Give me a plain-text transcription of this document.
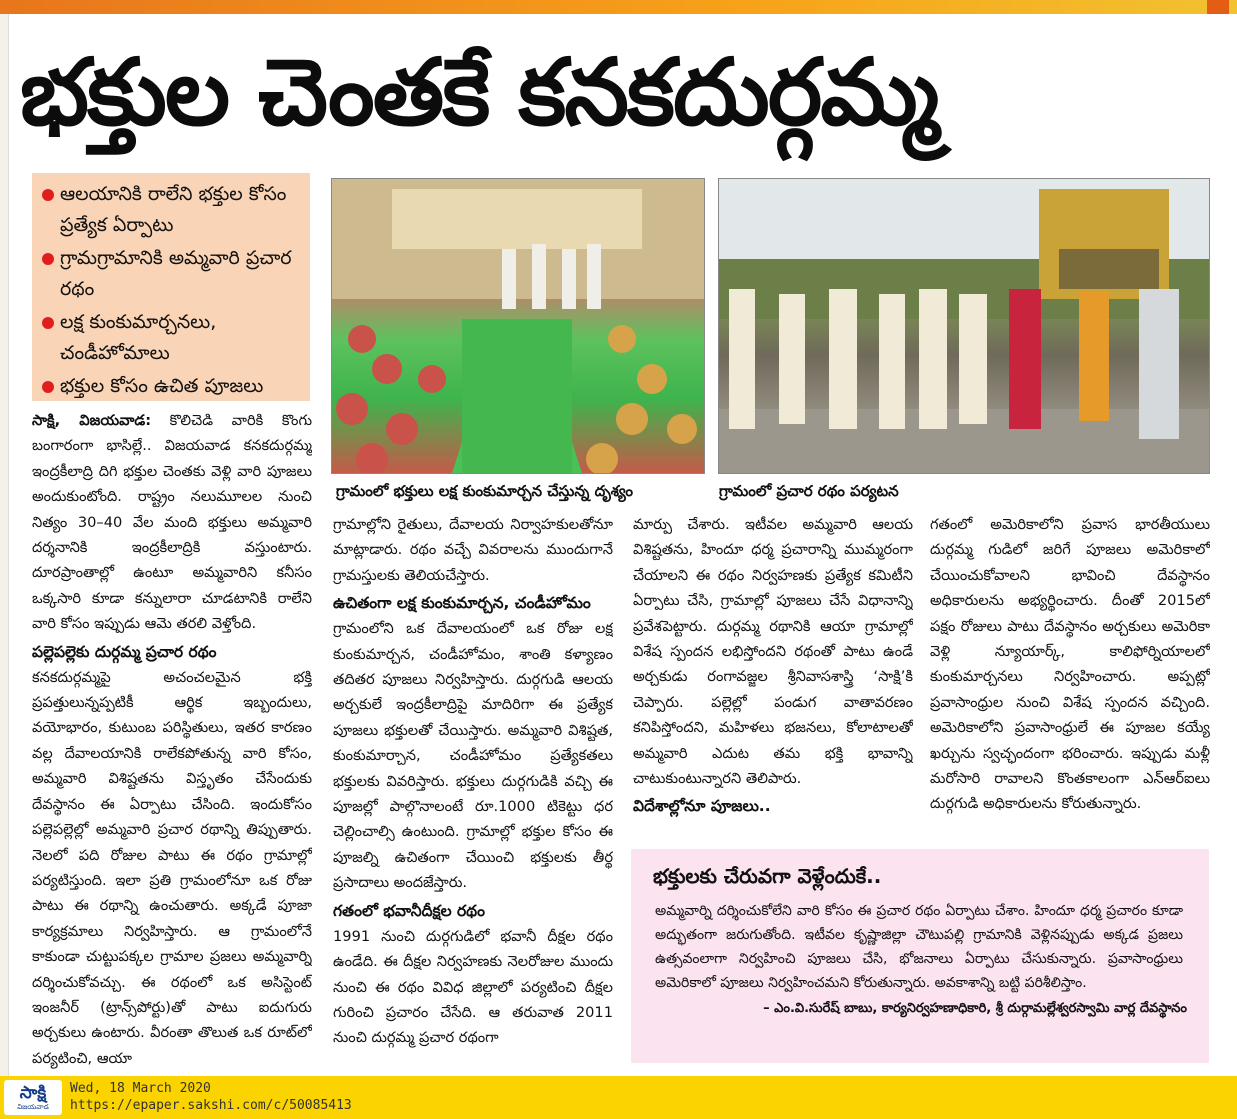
భక్తుల చెంతకే కనకదుర్గమ్మ
ఆలయానికి రాలేని భక్తుల కోసం ప్రత్యేక ఏర్పాటు
గ్రామగ్రామానికి అమ్మవారి ప్రచార రథం
లక్ష కుంకుమార్చనలు, చండీహోమాలు
భక్తుల కోసం ఉచిత పూజలు
గ్రామంలో భక్తులు లక్ష కుంకుమార్చన చేస్తున్న దృశ్యం	గ్రామంలో ప్రచార రథం పర్యటన

సాక్షి, విజయవాడ: కొలిచెడి వారికి కొంగు బంగారంగా భాసిల్లే.. విజయవాడ కనకదుర్గమ్మ ఇంద్రకీలాద్రి దిగి భక్తుల చెంతకు వెళ్లి వారి పూజలు అందుకుంటోంది. రాష్ట్రం నలుమూలల నుంచి నిత్యం 30–40 వేల మంది భక్తులు అమ్మవారి దర్శనానికి ఇంద్రకీలాద్రికి వస్తుంటారు. దూరప్రాంతాల్లో ఉంటూ అమ్మవారిని కనీసం ఒక్కసారి కూడా కన్నులారా చూడటానికి రాలేని వారి కోసం ఇప్పుడు ఆమె తరలి వెళ్తోంది.

పల్లెపల్లెకు దుర్గమ్మ ప్రచార రథం

కనకదుర్గమ్మపై అచంచలమైన భక్తి ప్రపత్తులున్నప్పటికీ ఆర్థిక ఇబ్బందులు, వయోభారం, కుటుంబ పరిస్థితులు, ఇతర కారణం వల్ల దేవాలయానికి రాలేకపోతున్న వారి కోసం, అమ్మవారి విశిష్టతను విస్తృతం చేసేందుకు దేవస్థానం ఈ ఏర్పాటు చేసింది. ఇందుకోసం పల్లెపల్లెల్లో అమ్మవారి ప్రచార రథాన్ని తిప్పుతారు. నెలలో పది రోజుల పాటు ఈ రథం గ్రామాల్లో పర్యటిస్తుంది. ఇలా ప్రతి గ్రామంలోనూ ఒక రోజు పాటు ఈ రథాన్ని ఉంచుతారు. అక్కడే పూజా కార్యక్రమాలు నిర్వహిస్తారు. ఆ గ్రామంలోనే కాకుండా చుట్టుపక్కల గ్రామాల ప్రజలు అమ్మవార్ని దర్శించుకోవచ్చు. ఈ రథంలో ఒక అసిస్టెంట్ ఇంజనీర్ (ట్రాన్స్‌పోర్టు)తో పాటు ఐదుగురు అర్చకులు ఉంటారు. వీరంతా తొలుత ఒక రూట్‌లో పర్యటించి, ఆయా

గ్రామాల్లోని రైతులు, దేవాలయ నిర్వాహకులతోనూ మాట్లాడారు. రథం వచ్చే వివరాలను ముందుగానే గ్రామస్తులకు తెలియచేస్తారు.

ఉచితంగా లక్ష కుంకుమార్చన, చండీహోమం

గ్రామంలోని ఒక దేవాలయంలో ఒక రోజు లక్ష కుంకుమార్చన, చండీహోమం, శాంతి కళ్యాణం తదితర పూజలు నిర్వహిస్తారు. దుర్గగుడి ఆలయ అర్చకులే ఇంద్రకీలాద్రిపై మాదిరిగా ఈ ప్రత్యేక పూజలు భక్తులతో చేయిస్తారు. అమ్మవారి విశిష్టత, కుంకుమార్చాన, చండీహోమం ప్రత్యేకతలు భక్తులకు వివరిస్తారు. భక్తులు దుర్గగుడికి వచ్చి ఈ పూజల్లో పాల్గొనాలంటే రూ.1000 టికెట్టు ధర చెల్లించాల్సి ఉంటుంది. గ్రామాల్లో భక్తుల కోసం ఈ పూజల్ని ఉచితంగా చేయించి భక్తులకు తీర్థ ప్రసాదాలు అందజేస్తారు.

గతంలో భవానీదీక్షల రథం

1991 నుంచి దుర్గగుడిలో భవానీ దీక్షల రథం ఉండేది. ఈ దీక్షల నిర్వహణకు నెలరోజుల ముందు నుంచి ఈ రథం వివిధ జిల్లాలో పర్యటించి దీక్షల గురించి ప్రచారం చేసేది. ఆ తరువాత 2011 నుంచి దుర్గమ్మ ప్రచార రథంగా

మార్పు చేశారు. ఇటీవల అమ్మవారి ఆలయ విశిష్టతను, హిందూ ధర్మ ప్రచారాన్ని ముమ్మరంగా చేయాలని ఈ రథం నిర్వహణకు ప్రత్యేక కమిటీని ఏర్పాటు చేసి, గ్రామాల్లో పూజలు చేసే విధానాన్ని ప్రవేశపెట్టారు. దుర్గమ్మ రథానికి ఆయా గ్రామాల్లో విశేష స్పందన లభిస్తోందని రథంతో పాటు ఉండే అర్చకుడు రంగావజ్జల శ్రీనివాసశాస్త్రి ‘సాక్షి’కి చెప్పారు. పల్లెల్లో పండుగ వాతావరణం కనిపిస్తోందని, మహిళలు భజనలు, కోలాటాలతో అమ్మవారి ఎదుట తమ భక్తి భావాన్ని చాటుకుంటున్నారని తెలిపారు.

విదేశాల్లోనూ పూజలు..

గతంలో అమెరికాలోని ప్రవాస భారతీయులు దుర్గమ్మ గుడిలో జరిగే పూజలు అమెరికాలో చేయించుకోవాలని భావించి దేవస్థానం అధికారులను అభ్యర్థించారు. దీంతో 2015లో పక్షం రోజులు పాటు దేవస్థానం అర్చకులు అమెరికా వెళ్లి న్యూయార్క్, కాలిఫోర్నియాలలో కుంకుమార్చనలు నిర్వహించారు. అప్పట్లో ప్రవాసాంధ్రుల నుంచి విశేష స్పందన వచ్చింది. అమెరికాలోని ప్రవాసాంధ్రులే ఈ పూజల కయ్యే ఖర్చును స్వచ్ఛందంగా భరించారు. ఇప్పుడు మళ్లీ మరోసారి రావాలని కొంతకాలంగా ఎన్‌ఆర్‌ఐలు దుర్గగుడి అధికారులను కోరుతున్నారు.

భక్తులకు చేరువగా వెళ్లేందుకే..
అమ్మవార్ని దర్శించుకోలేని వారి కోసం ఈ ప్రచార రథం ఏర్పాటు చేశాం. హిందూ ధర్మ ప్రచారం కూడా అద్భుతంగా జరుగుతోంది. ఇటీవల కృష్ణాజిల్లా చౌటుపల్లి గ్రామానికి వెళ్లినప్పుడు అక్కడ ప్రజలు ఉత్సవంలాగా నిర్వహించి పూజలు చేసి, భోజనాలు ఏర్పాటు చేసుకున్నారు. ప్రవాసాంధ్రులు అమెరికాలో పూజలు నిర్వహించమని కోరుతున్నారు. అవకాశాన్ని బట్టి పరిశీలిస్తాం.
– ఎం.వి.సురేష్ బాబు, కార్యనిర్వహణాధికారి, శ్రీ దుర్గామల్లేశ్వరస్వామి వార్ల దేవస్థానం
సాక్షి
విజయవాడ
Wed, 18 March 2020
https://epaper.sakshi.com/c/50085413
